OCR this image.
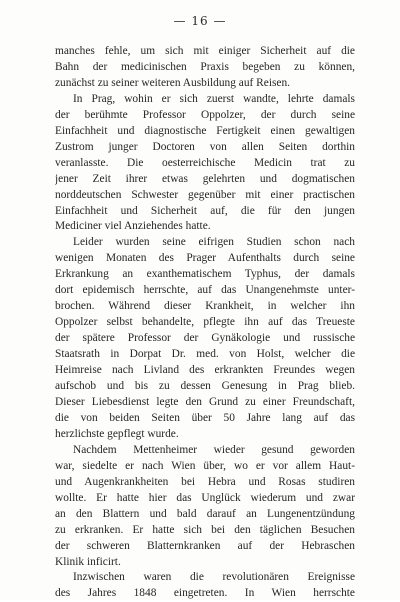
— 16 —

manches fehle, um sich mit einiger Sicherheit auf die
Bahn der medicinischen Praxis begeben zu können,
zunächst zu seiner weiteren Ausbildung auf Reisen.

In Prag, wohin er sich zuerst wandte, lehrte damals
der berühmte Professor Oppolzer, der durch seine
Einfachheit und diagnostische Fertigkeit einen gewaltigen
Zustrom junger Doctoren von allen Seiten dorthin
veranlasste. Die oesterreichische Medicin trat zu
jener Zeit ihrer etwas gelehrten und dogmatischen
norddeutschen Schwester gegenüber mit einer practischen
Einfachheit und Sicherheit auf, die für den jungen
Mediciner viel Anziehendes hatte.

Leider wurden seine eifrigen Studien schon nach
wenigen Monaten des Prager Aufenthalts durch seine
Erkrankung an exanthematischem Typhus, der damals
dort epidemisch herrschte, auf das Unangenehmste unter-
brochen. Während dieser Krankheit, in welcher ihn
Oppolzer selbst behandelte, pflegte ihn auf das Treueste
der spätere Professor der Gynäkologie und russische
Staatsrath in Dorpat Dr. med. von Holst, welcher die
Heimreise nach Livland des erkrankten Freundes wegen
aufschob und bis zu dessen Genesung in Prag blieb.
Dieser Liebesdienst legte den Grund zu einer Freundschaft,
die von beiden Seiten über 50 Jahre lang auf das
herzlichste gepflegt wurde.

Nachdem Mettenheimer wieder gesund geworden
war, siedelte er nach Wien über, wo er vor allem Haut-
und Augenkrankheiten bei Hebra und Rosas studiren
wollte. Er hatte hier das Unglück wiederum und zwar
an den Blattern und bald darauf an Lungenentzündung
zu erkranken. Er hatte sich bei den täglichen Besuchen
der schweren Blatternkranken auf der Hebraschen
Klinik inficirt.

Inzwischen waren die revolutionären Ereignisse
des Jahres 1848 eingetreten. In Wien herrschte
